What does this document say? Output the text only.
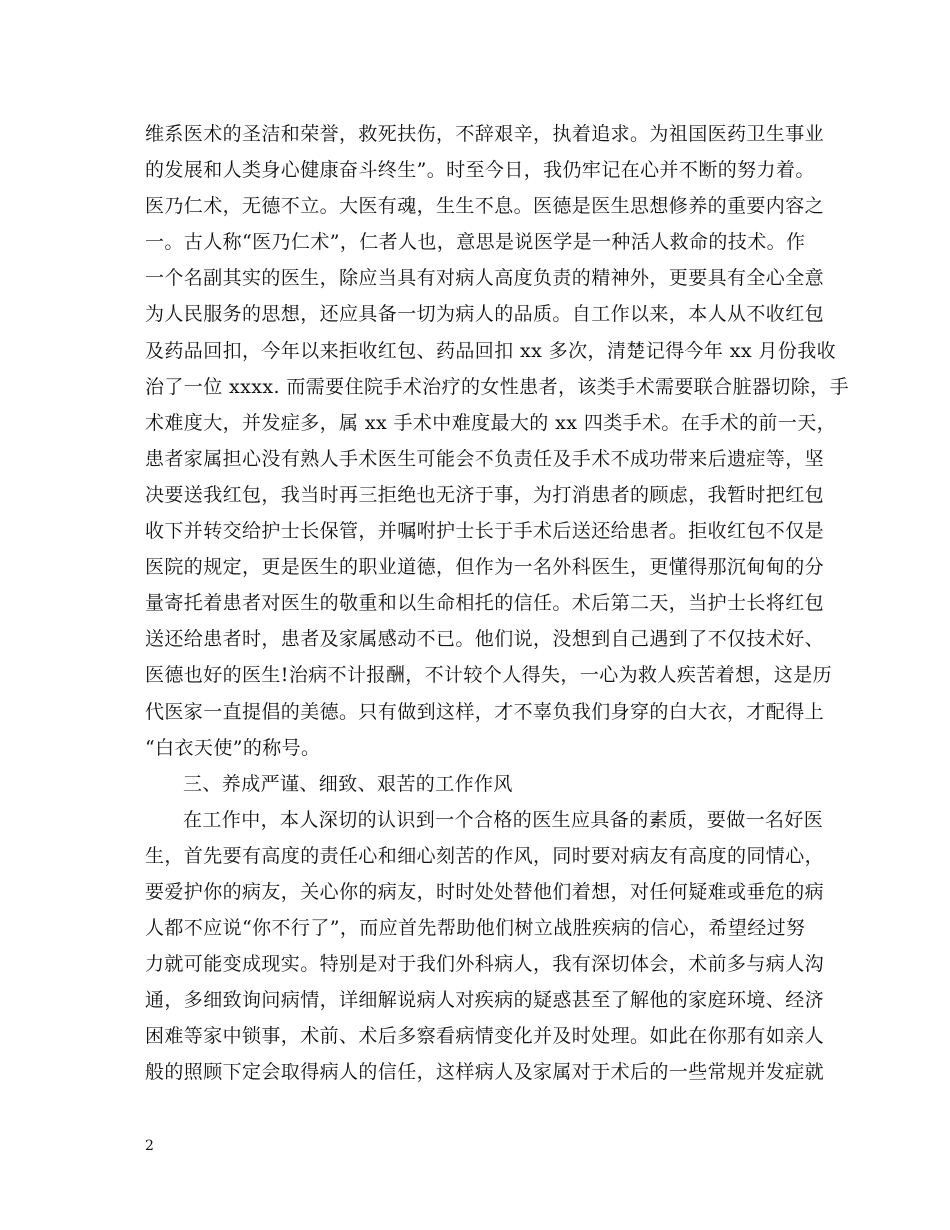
维系医术的圣洁和荣誉，救死扶伤，不辞艰辛，执着追求。为祖国医药卫生事业
的发展和人类身心健康奋斗终生”。时至今日，我仍牢记在心并不断的努力着。
医乃仁术，无德不立。大医有魂，生生不息。医德是医生思想修养的重要内容之
一。古人称“医乃仁术”，仁者人也，意思是说医学是一种活人救命的技术。作
一个名副其实的医生，除应当具有对病人高度负责的精神外，更要具有全心全意
为人民服务的思想，还应具备一切为病人的品质。自工作以来，本人从不收红包
及药品回扣，今年以来拒收红包、药品回扣 xx 多次，清楚记得今年 xx 月份我收
治了一位 xxxx. 而需要住院手术治疗的女性患者，该类手术需要联合脏器切除，手
术难度大，并发症多，属 xx 手术中难度最大的 xx 四类手术。在手术的前一天，
患者家属担心没有熟人手术医生可能会不负责任及手术不成功带来后遗症等，坚
决要送我红包，我当时再三拒绝也无济于事，为打消患者的顾虑，我暂时把红包
收下并转交给护士长保管，并嘱咐护士长于手术后送还给患者。拒收红包不仅是
医院的规定，更是医生的职业道德，但作为一名外科医生，更懂得那沉甸甸的分
量寄托着患者对医生的敬重和以生命相托的信任。术后第二天，当护士长将红包
送还给患者时，患者及家属感动不已。他们说，没想到自己遇到了不仅技术好、
医德也好的医生!治病不计报酬，不计较个人得失，一心为救人疾苦着想，这是历
代医家一直提倡的美德。只有做到这样，才不辜负我们身穿的白大衣，才配得上
“白衣天使”的称号。
三、养成严谨、细致、艰苦的工作作风
在工作中，本人深切的认识到一个合格的医生应具备的素质，要做一名好医
生，首先要有高度的责任心和细心刻苦的作风，同时要对病友有高度的同情心，
要爱护你的病友，关心你的病友，时时处处替他们着想，对任何疑难或垂危的病
人都不应说“你不行了”，而应首先帮助他们树立战胜疾病的信心，希望经过努
力就可能变成现实。特别是对于我们外科病人，我有深切体会，术前多与病人沟
通，多细致询问病情，详细解说病人对疾病的疑惑甚至了解他的家庭环境、经济
困难等家中锁事，术前、术后多察看病情变化并及时处理。如此在你那有如亲人
般的照顾下定会取得病人的信任，这样病人及家属对于术后的一些常规并发症就
2
